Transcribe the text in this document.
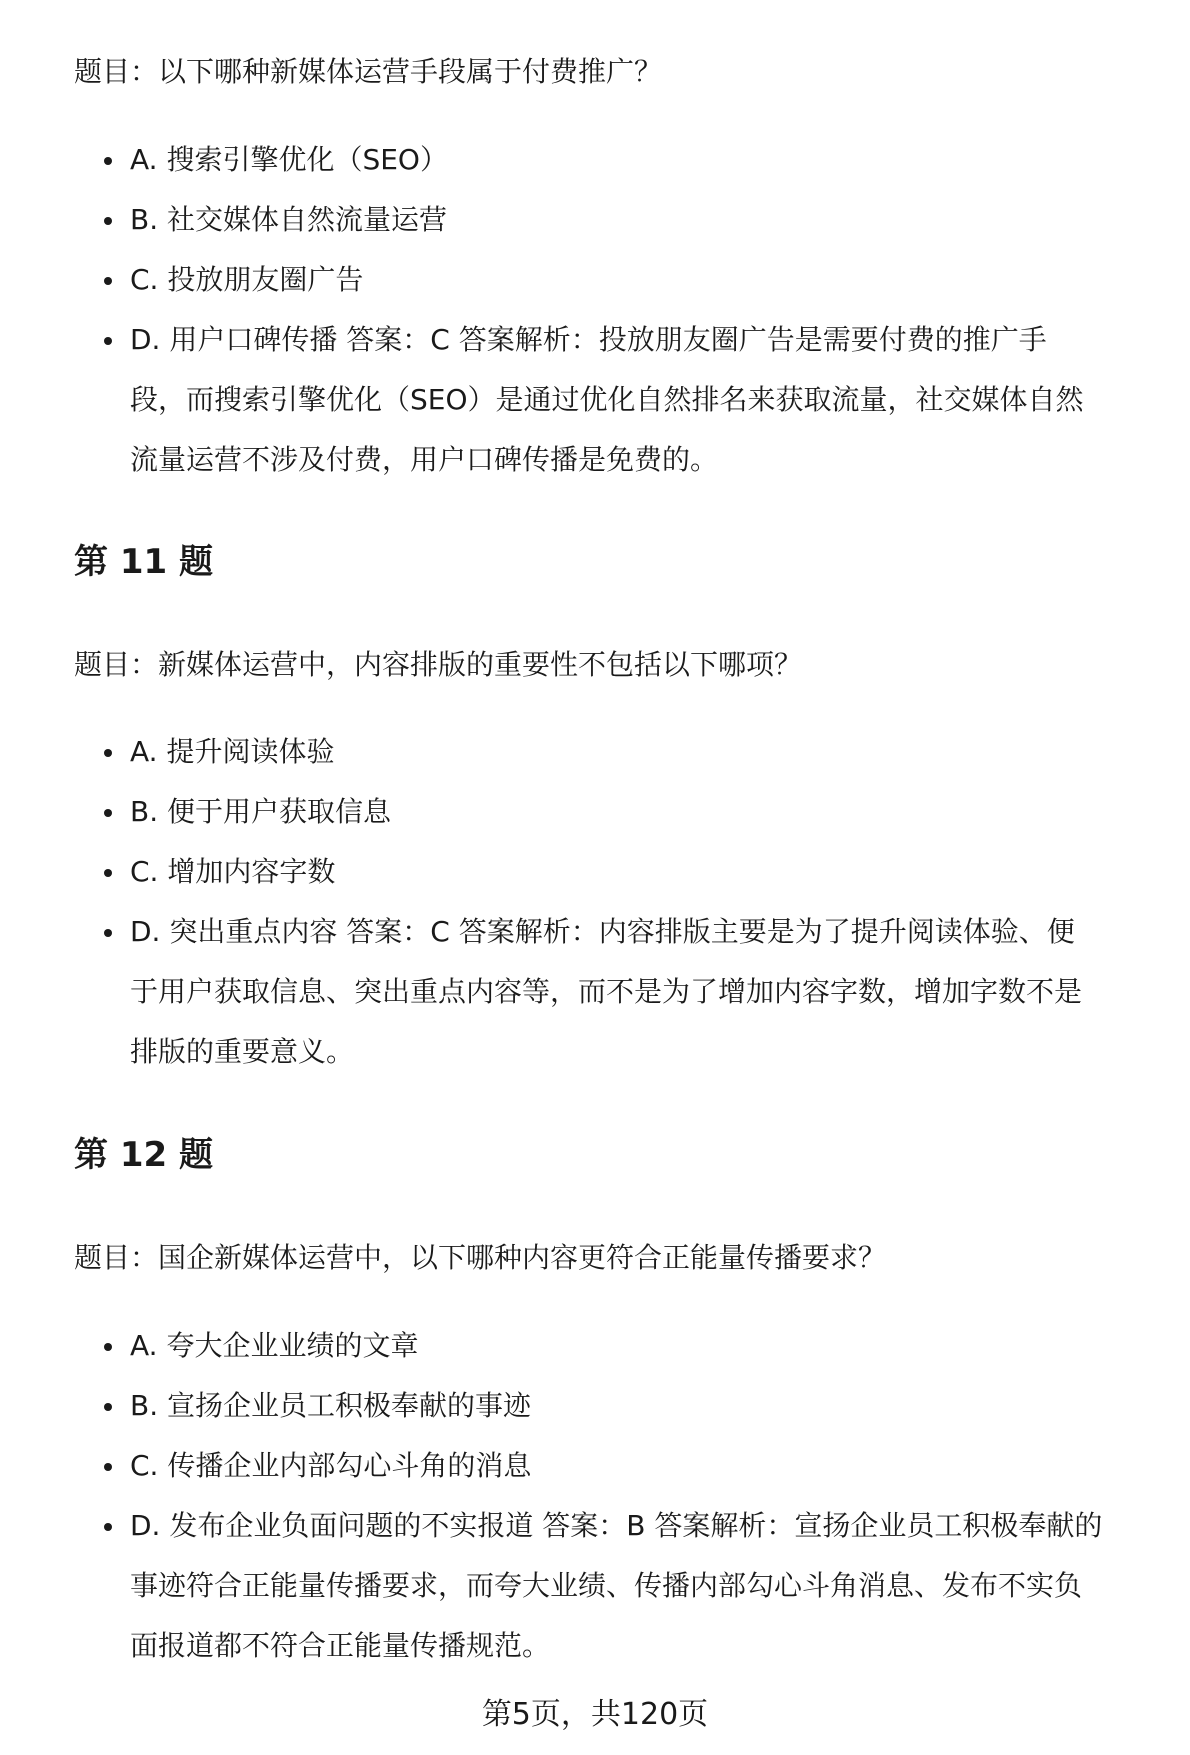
题目：以下哪种新媒体运营手段属于付费推广？

A. 搜索引擎优化（SEO）
B. 社交媒体自然流量运营
C. 投放朋友圈广告
D. 用户口碑传播 答案：C 答案解析：投放朋友圈广告是需要付费的推广手
段，而搜索引擎优化（SEO）是通过优化自然排名来获取流量，社交媒体自然
流量运营不涉及付费，用户口碑传播是免费的。
第 11 题

题目：新媒体运营中，内容排版的重要性不包括以下哪项？

A. 提升阅读体验
B. 便于用户获取信息
C. 增加内容字数
D. 突出重点内容 答案：C 答案解析：内容排版主要是为了提升阅读体验、便
于用户获取信息、突出重点内容等，而不是为了增加内容字数，增加字数不是
排版的重要意义。
第 12 题

题目：国企新媒体运营中，以下哪种内容更符合正能量传播要求？

A. 夸大企业业绩的文章
B. 宣扬企业员工积极奉献的事迹
C. 传播企业内部勾心斗角的消息
D. 发布企业负面问题的不实报道 答案：B 答案解析：宣扬企业员工积极奉献的
事迹符合正能量传播要求，而夸大业绩、传播内部勾心斗角消息、发布不实负
面报道都不符合正能量传播规范。
第5页，共120页
